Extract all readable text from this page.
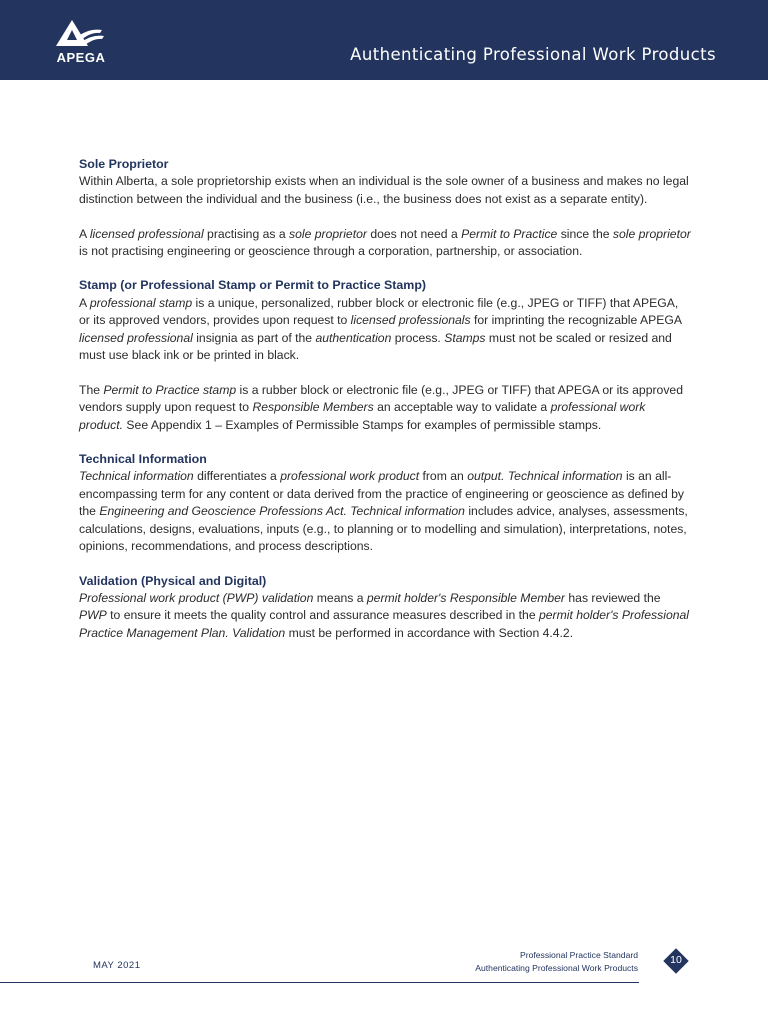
APEGA	Authenticating Professional Work Products
Sole Proprietor

Within Alberta, a sole proprietorship exists when an individual is the sole owner of a business and makes no legal distinction between the individual and the business (i.e., the business does not exist as a separate entity).

A licensed professional practising as a sole proprietor does not need a Permit to Practice since the sole proprietor is not practising engineering or geoscience through a corporation, partnership, or association.

Stamp (or Professional Stamp or Permit to Practice Stamp)

A professional stamp is a unique, personalized, rubber block or electronic file (e.g., JPEG or TIFF) that APEGA, or its approved vendors, provides upon request to licensed professionals for imprinting the recognizable APEGA licensed professional insignia as part of the authentication process. Stamps must not be scaled or resized and must use black ink or be printed in black.

The Permit to Practice stamp is a rubber block or electronic file (e.g., JPEG or TIFF) that APEGA or its approved vendors supply upon request to Responsible Members an acceptable way to validate a professional work product. See Appendix 1 – Examples of Permissible Stamps for examples of permissible stamps.

Technical Information

Technical information differentiates a professional work product from an output. Technical information is an all-encompassing term for any content or data derived from the practice of engineering or geoscience as defined by the Engineering and Geoscience Professions Act. Technical information includes advice, analyses, assessments, calculations, designs, evaluations, inputs (e.g., to planning or to modelling and simulation), interpretations, notes, opinions, recommendations, and process descriptions.

Validation (Physical and Digital)

Professional work product (PWP) validation means a permit holder's Responsible Member has reviewed the PWP to ensure it meets the quality control and assurance measures described in the permit holder's Professional Practice Management Plan. Validation must be performed in accordance with Section 4.4.2.

MAY 2021
Professional Practice Standard
Authenticating Professional Work Products
10
